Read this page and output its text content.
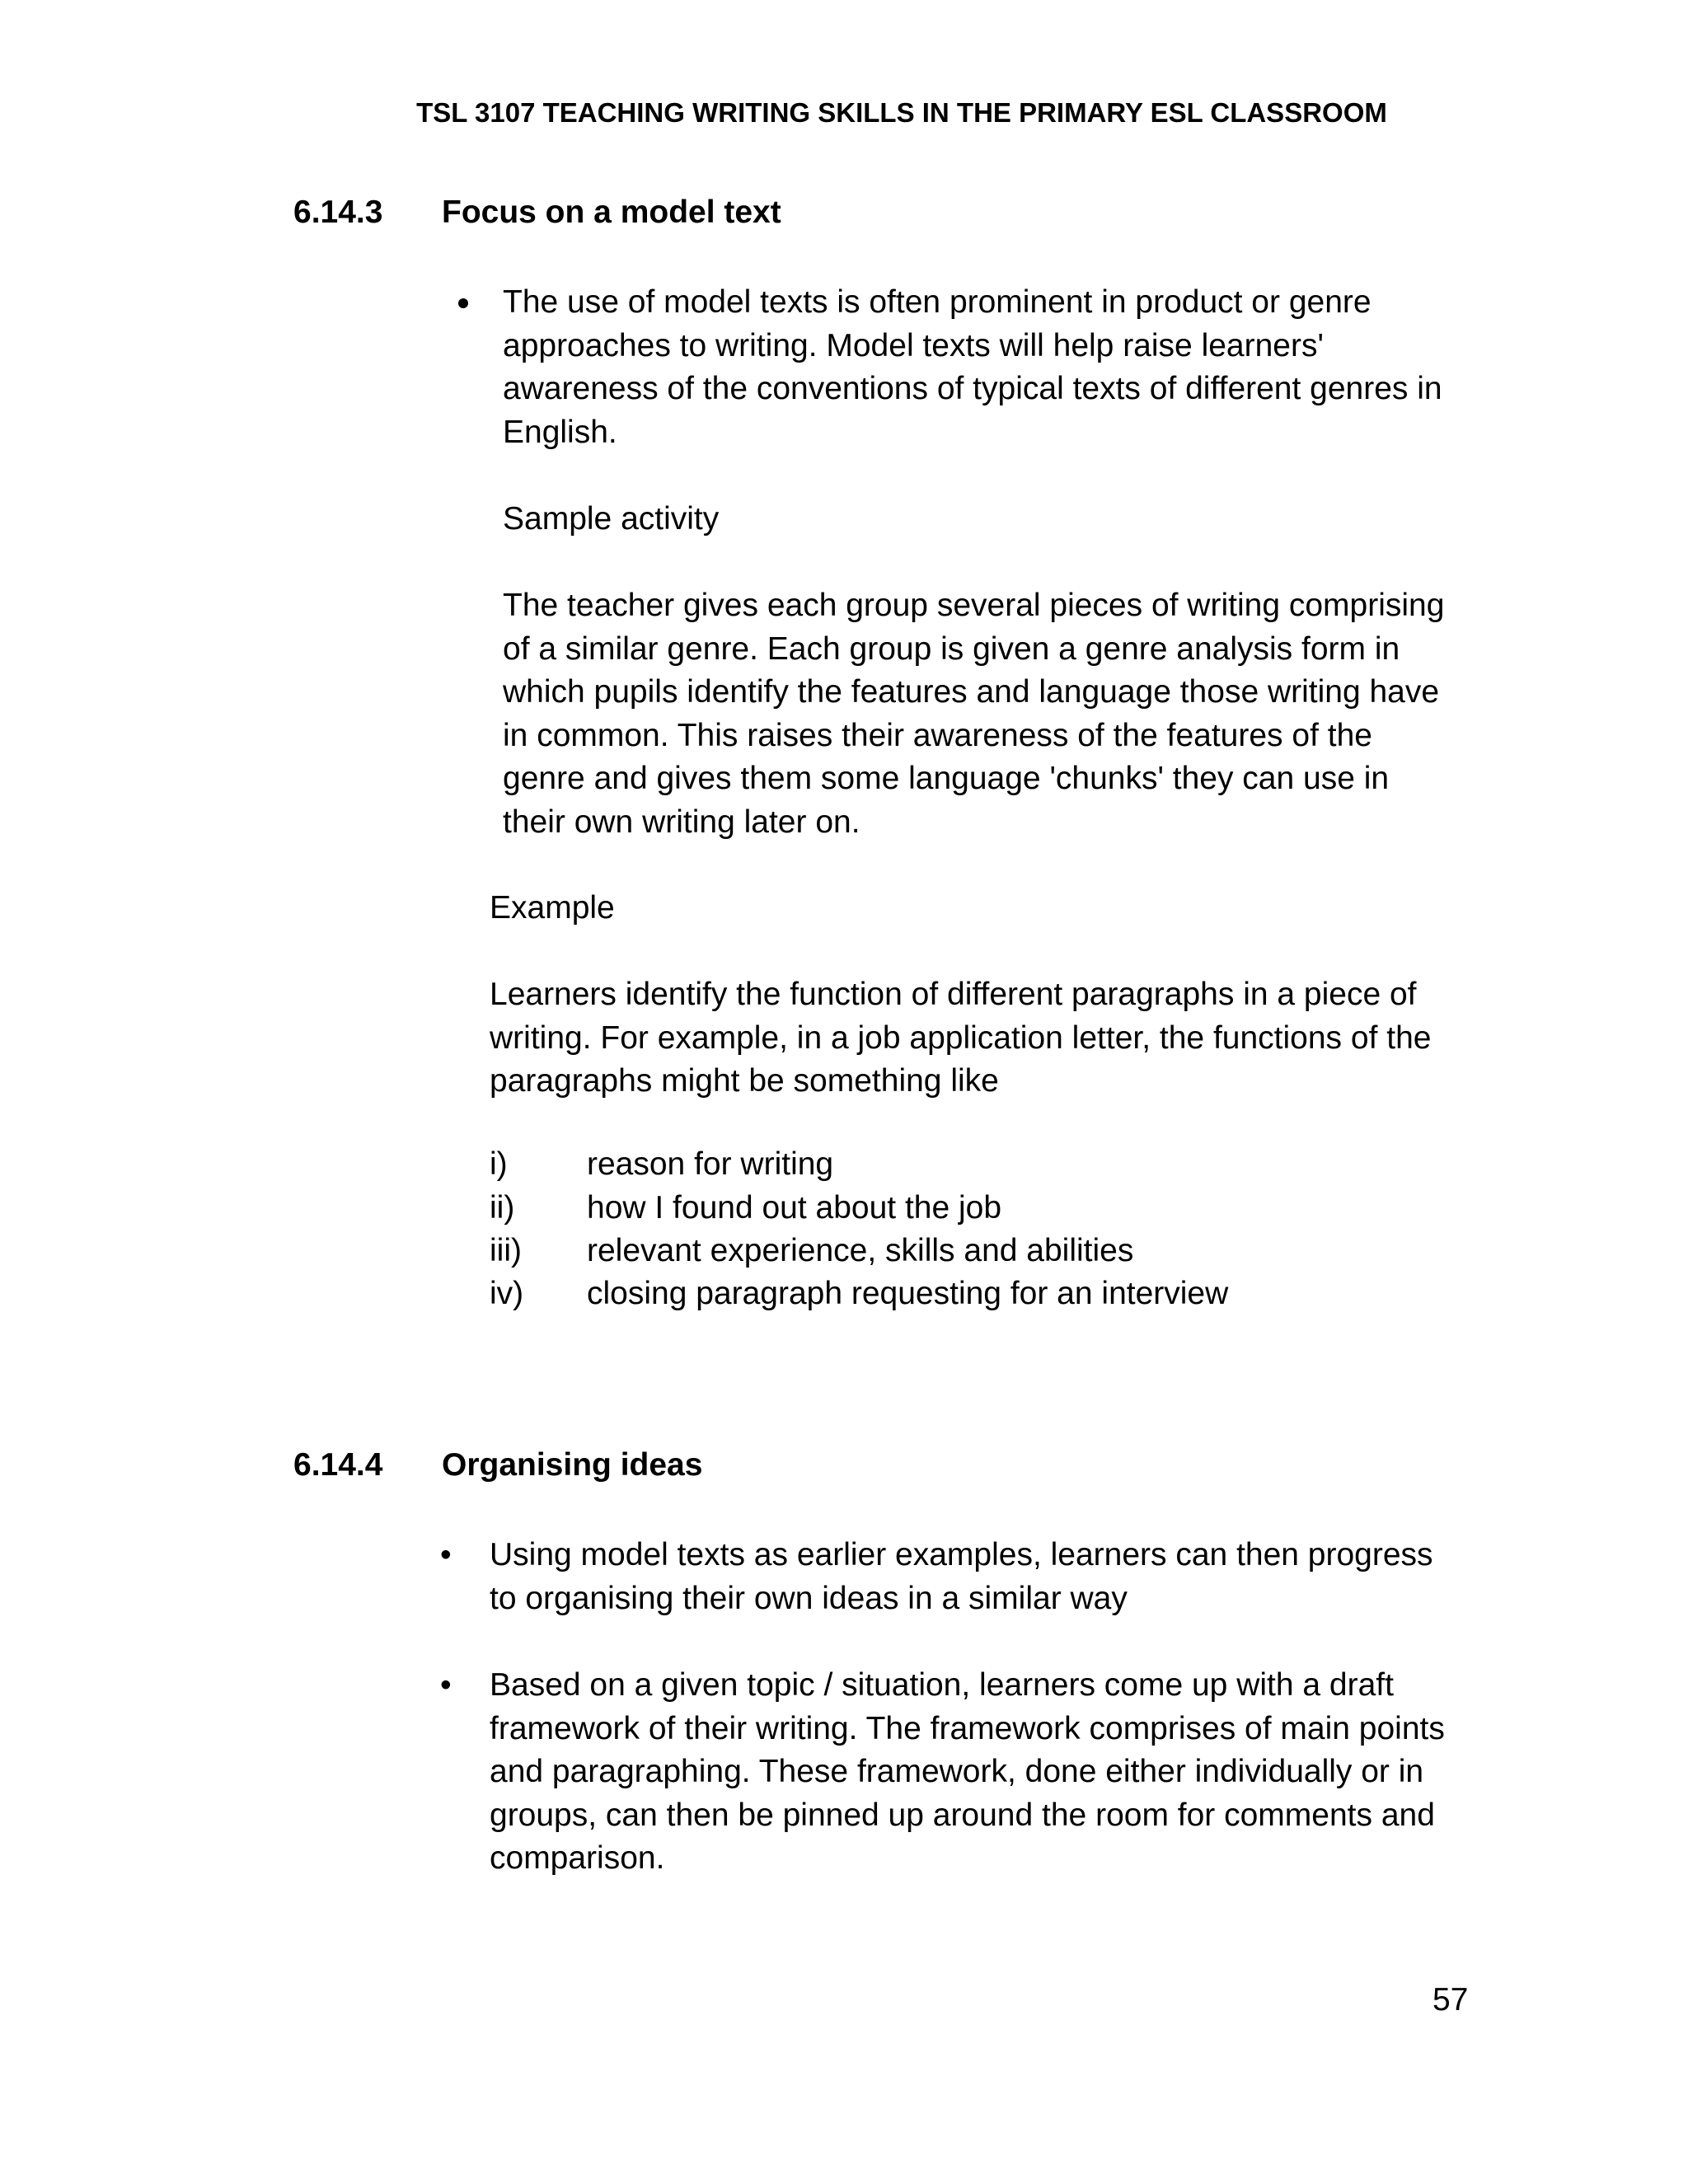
TSL 3107 TEACHING WRITING SKILLS IN THE PRIMARY ESL CLASSROOM
6.14.3 Focus on a model text
The use of model texts is often prominent in product or genre
approaches to writing. Model texts will help raise learners'
awareness of the conventions of typical texts of different genres in
English.
Sample activity
The teacher gives each group several pieces of writing comprising
of a similar genre. Each group is given a genre analysis form in
which pupils identify the features and language those writing have
in common. This raises their awareness of the features of the
genre and gives them some language 'chunks' they can use in
their own writing later on.
Example
Learners identify the function of different paragraphs in a piece of
writing. For example, in a job application letter, the functions of the
paragraphs might be something like
i) reason for writing
ii) how I found out about the job
iii) relevant experience, skills and abilities
iv) closing paragraph requesting for an interview
6.14.4 Organising ideas
• Using model texts as earlier examples, learners can then progress
to organising their own ideas in a similar way
• Based on a given topic / situation, learners come up with a draft
framework of their writing. The framework comprises of main points
and paragraphing. These framework, done either individually or in
groups, can then be pinned up around the room for comments and
comparison.
57
